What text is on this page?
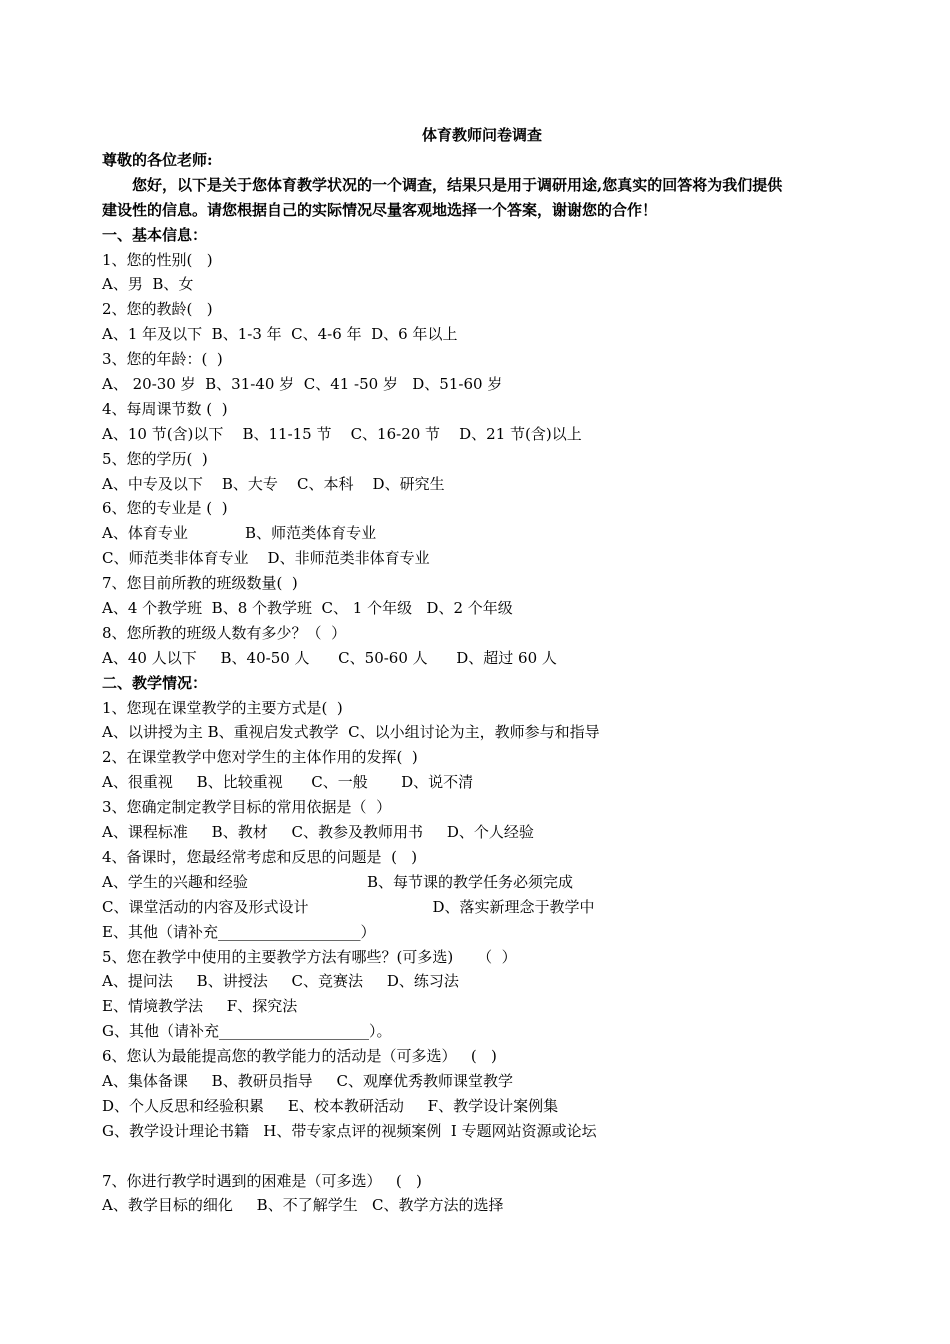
体育教师问卷调查
尊敬的各位老师:
您好，以下是关于您体育教学状况的一个调查，结果只是用于调研用途,您真实的回答将为我们提供
建设性的信息。请您根据自己的实际情况尽量客观地选择一个答案，谢谢您的合作！
一、基本信息：
1、您的性别(   )
A、男  B、女
2、您的教龄(   )
A、1 年及以下  B、1-3 年  C、4-6 年  D、6 年以上
3、您的年龄：(  )
A、 20-30 岁  B、31-40 岁  C、41 -50 岁   D、51-60 岁
4、每周课节数 (  )
A、10 节(含)以下    B、11-15 节    C、16-20 节    D、21 节(含)以上
5、您的学历(  )
A、中专及以下    B、大专    C、本科    D、研究生
6、您的专业是 (  )
A、体育专业            B、师范类体育专业
C、师范类非体育专业    D、非师范类非体育专业
7、您目前所教的班级数量(  )
A、4 个教学班  B、8 个教学班  C、 1 个年级   D、2 个年级
8、您所教的班级人数有多少？（  ）
A、40 人以下     B、40-50 人      C、50-60 人      D、超过 60 人
二、教学情况：
1、您现在课堂教学的主要方式是(  )
A、以讲授为主 B、重视启发式教学  C、以小组讨论为主，教师参与和指导
2、在课堂教学中您对学生的主体作用的发挥(  )
A、很重视     B、比较重视      C、一般       D、说不清
3、您确定制定教学目标的常用依据是（  ）
A、课程标准     B、教材     C、教参及教师用书     D、个人经验
4、备课时，您最经常考虑和反思的问题是  (   )
A、学生的兴趣和经验                         B、每节课的教学任务必须完成
C、课堂活动的内容及形式设计                          D、落实新理念于教学中
E、其他（请补充___________________）
5、您在教学中使用的主要教学方法有哪些？(可多选)     （  ）
A、提问法     B、讲授法     C、竞赛法     D、练习法
E、情境教学法     F、探究法
G、其他（请补充____________________）。
6、您认为最能提高您的教学能力的活动是（可多选）   (   )
A、集体备课     B、教研员指导     C、观摩优秀教师课堂教学
D、个人反思和经验积累     E、校本教研活动     F、教学设计案例集
G、教学设计理论书籍   H、带专家点评的视频案例  I 专题网站资源或论坛
7、你进行教学时遇到的困难是（可多选）   (   )
A、教学目标的细化     B、不了解学生   C、教学方法的选择
